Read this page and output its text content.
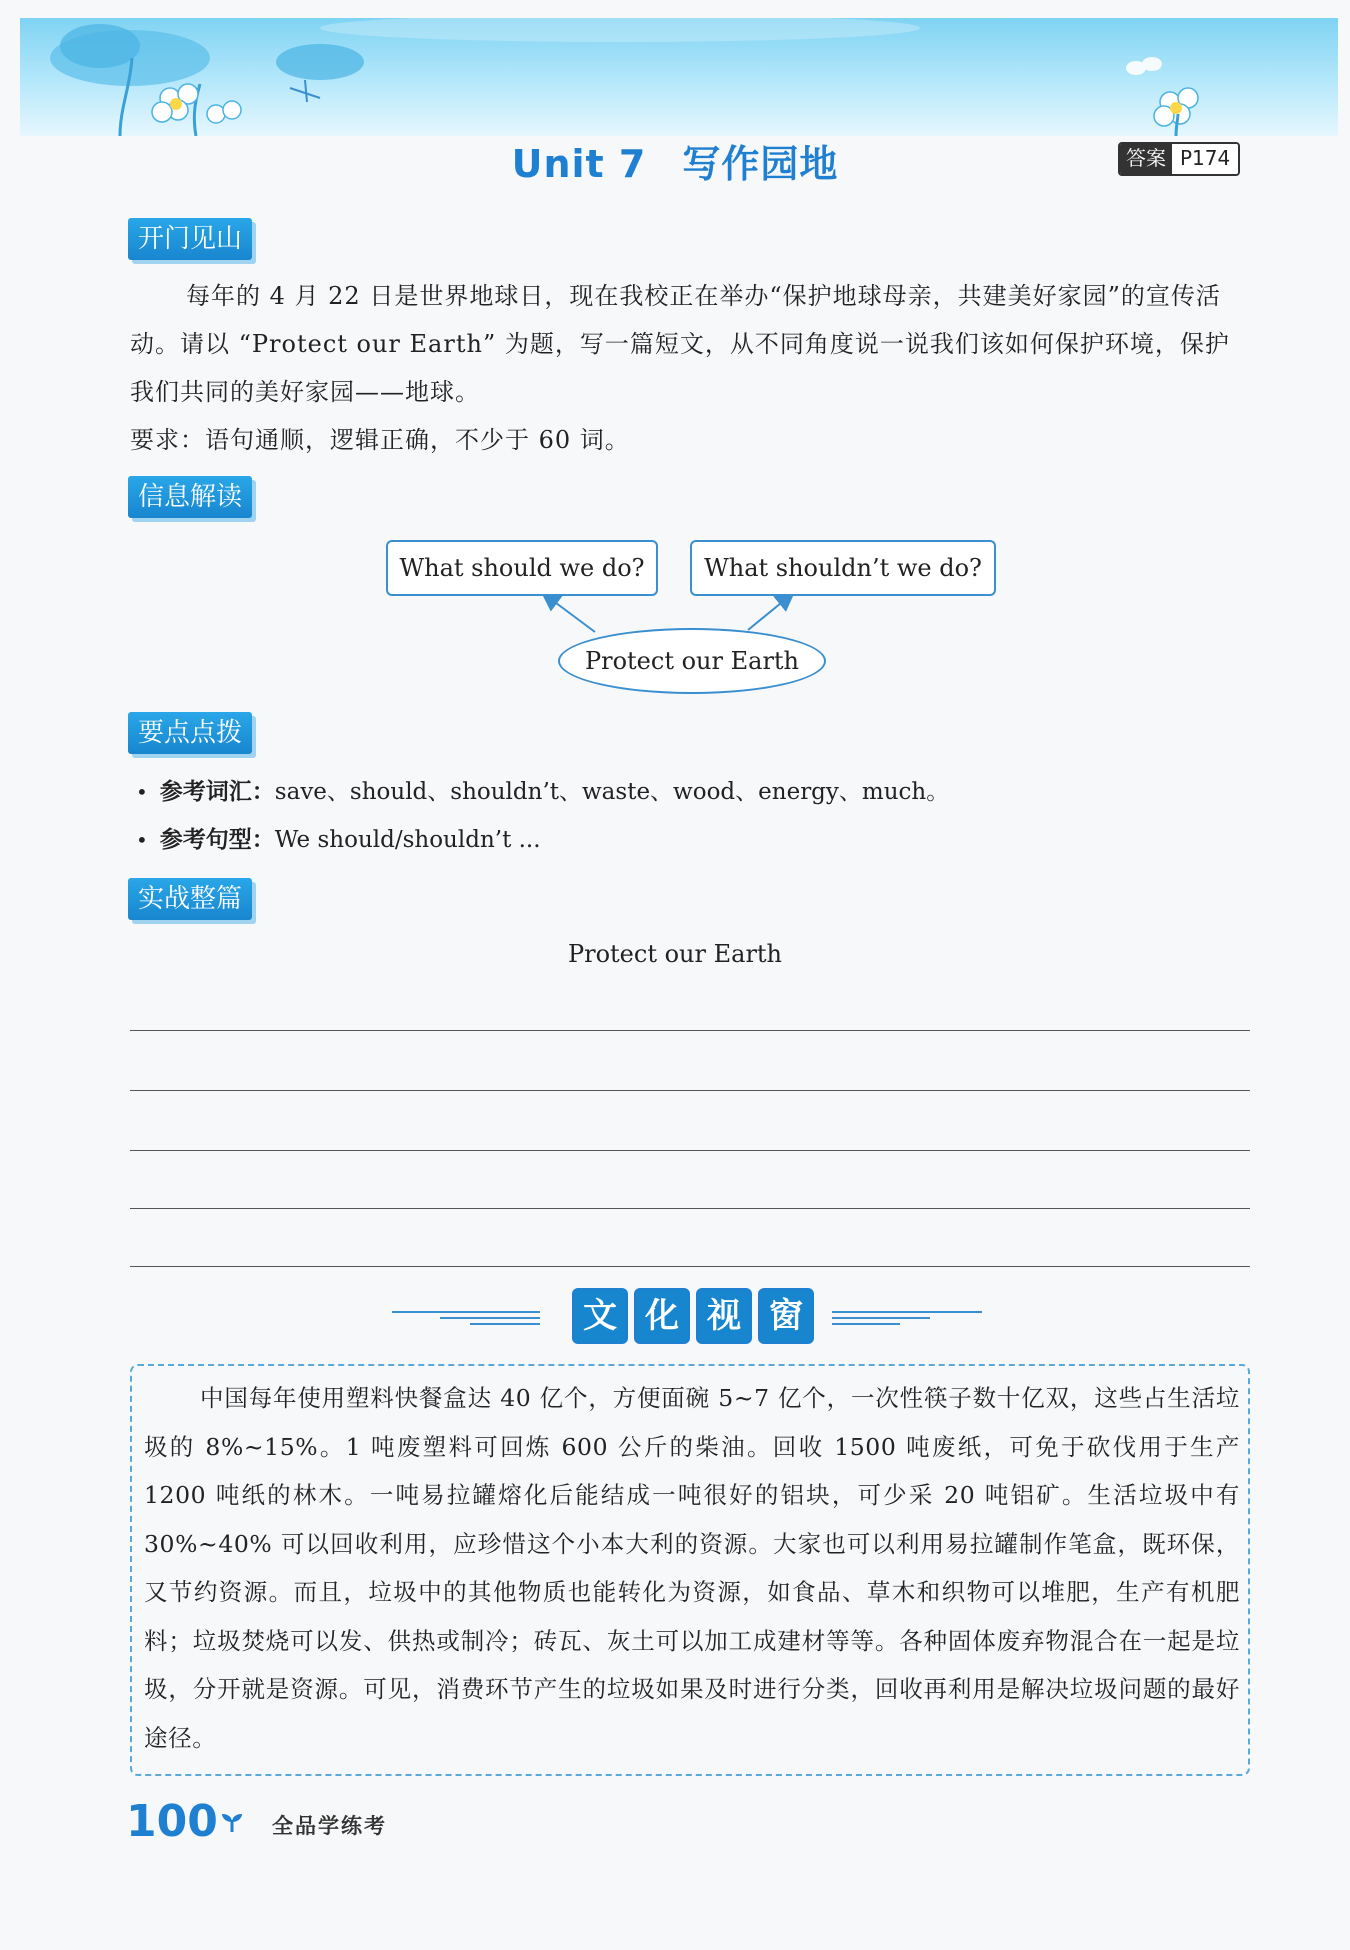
Unit 7 写作园地	答案 P174
开门见山

每年的 4 月 22 日是世界地球日，现在我校正在举办“保护地球母亲，共建美好家园”的宣传活动。请以 “Protect our Earth” 为题，写一篇短文，从不同角度说一说我们该如何保护环境，保护我们共同的美好家园——地球。

要求：语句通顺，逻辑正确，不少于 60 词。

信息解读
What should we do?	What shouldn’t we do?
Protect our Earth
要点点拨
• 参考词汇：save、should、shouldn’t、waste、wood、energy、much。
• 参考句型：We should/shouldn’t ...
实战整篇
Protect our Earth
文 化 视 窗
中国每年使用塑料快餐盒达 40 亿个，方便面碗 5~7 亿个，一次性筷子数十亿双，这些占生活垃圾的 8%~15%。1 吨废塑料可回炼 600 公斤的柴油。回收 1500 吨废纸，可免于砍伐用于生产 1200 吨纸的林木。一吨易拉罐熔化后能结成一吨很好的铝块，可少采 20 吨铝矿。生活垃圾中有 30%~40% 可以回收利用，应珍惜这个小本大利的资源。大家也可以利用易拉罐制作笔盒，既环保，又节约资源。而且，垃圾中的其他物质也能转化为资源，如食品、草木和织物可以堆肥，生产有机肥料；垃圾焚烧可以发、供热或制冷；砖瓦、灰土可以加工成建材等等。各种固体废弃物混合在一起是垃圾，分开就是资源。可见，消费环节产生的垃圾如果及时进行分类，回收再利用是解决垃圾问题的最好途径。
100	全品学练考
